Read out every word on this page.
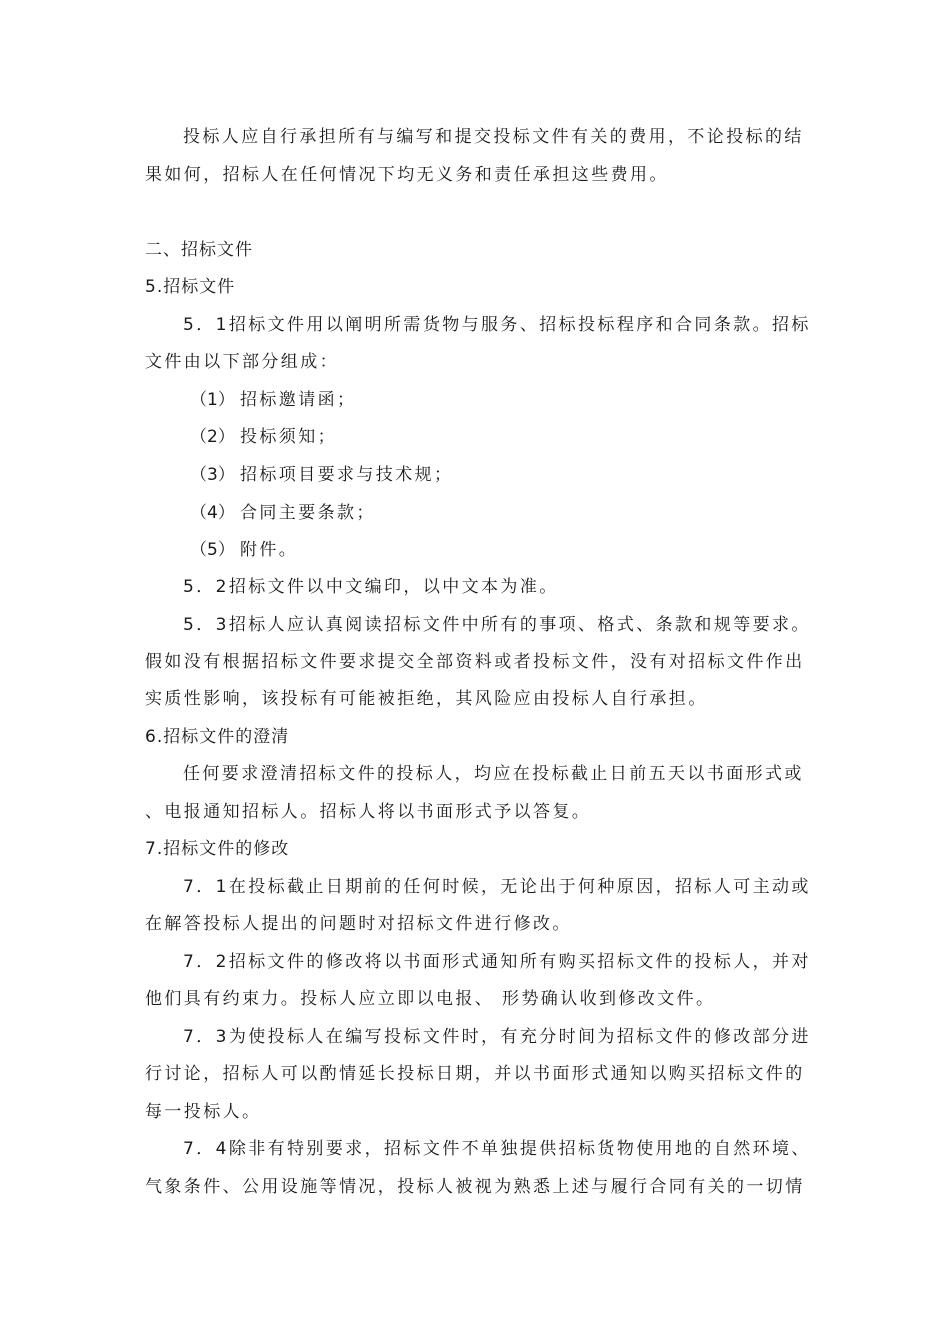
投标人应自行承担所有与编写和提交投标文件有关的费用，不论投标的结
果如何，招标人在任何情况下均无义务和责任承担这些费用。
二、招标文件
5.招标文件
5．1招标文件用以阐明所需货物与服务、招标投标程序和合同条款。招标
文件由以下部分组成：
（1） 招标邀请函；
（2） 投标须知；
（3） 招标项目要求与技术规；
（4） 合同主要条款；
（5） 附件。
5．2招标文件以中文编印，以中文本为准。
5．3招标人应认真阅读招标文件中所有的事项、格式、条款和规等要求。
假如没有根据招标文件要求提交全部资料或者投标文件，没有对招标文件作出
实质性影响，该投标有可能被拒绝，其风险应由投标人自行承担。
6.招标文件的澄清
任何要求澄清招标文件的投标人，均应在投标截止日前五天以书面形式或
、电报通知招标人。招标人将以书面形式予以答复。
7.招标文件的修改
7．1在投标截止日期前的任何时候，无论出于何种原因，招标人可主动或
在解答投标人提出的问题时对招标文件进行修改。
7．2招标文件的修改将以书面形式通知所有购买招标文件的投标人，并对
他们具有约束力。投标人应立即以电报、 形势确认收到修改文件。
7．3为使投标人在编写投标文件时，有充分时间为招标文件的修改部分进
行讨论，招标人可以酌情延长投标日期，并以书面形式通知以购买招标文件的
每一投标人。
7．4除非有特别要求，招标文件不单独提供招标货物使用地的自然环境、
气象条件、公用设施等情况，投标人被视为熟悉上述与履行合同有关的一切情
